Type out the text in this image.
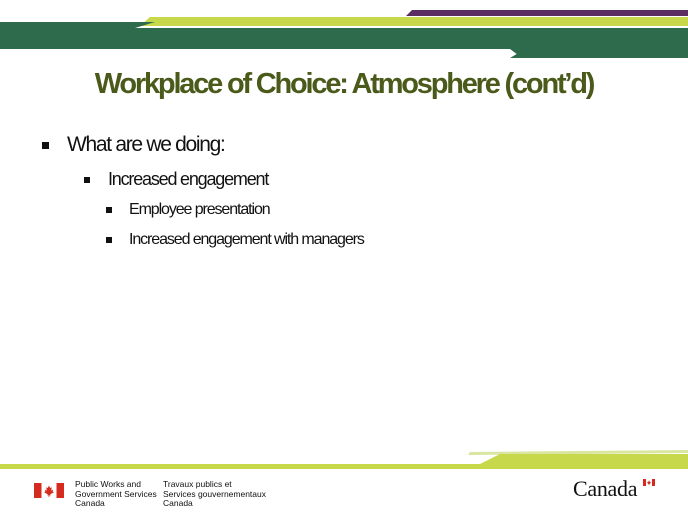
Workplace of Choice: Atmosphere (cont’d)
What are we doing:
Increased engagement
Employee presentation
Increased engagement with managers
Public Works and
Government Services
Canada
Travaux publics et
Services gouvernementaux
Canada
Canada
